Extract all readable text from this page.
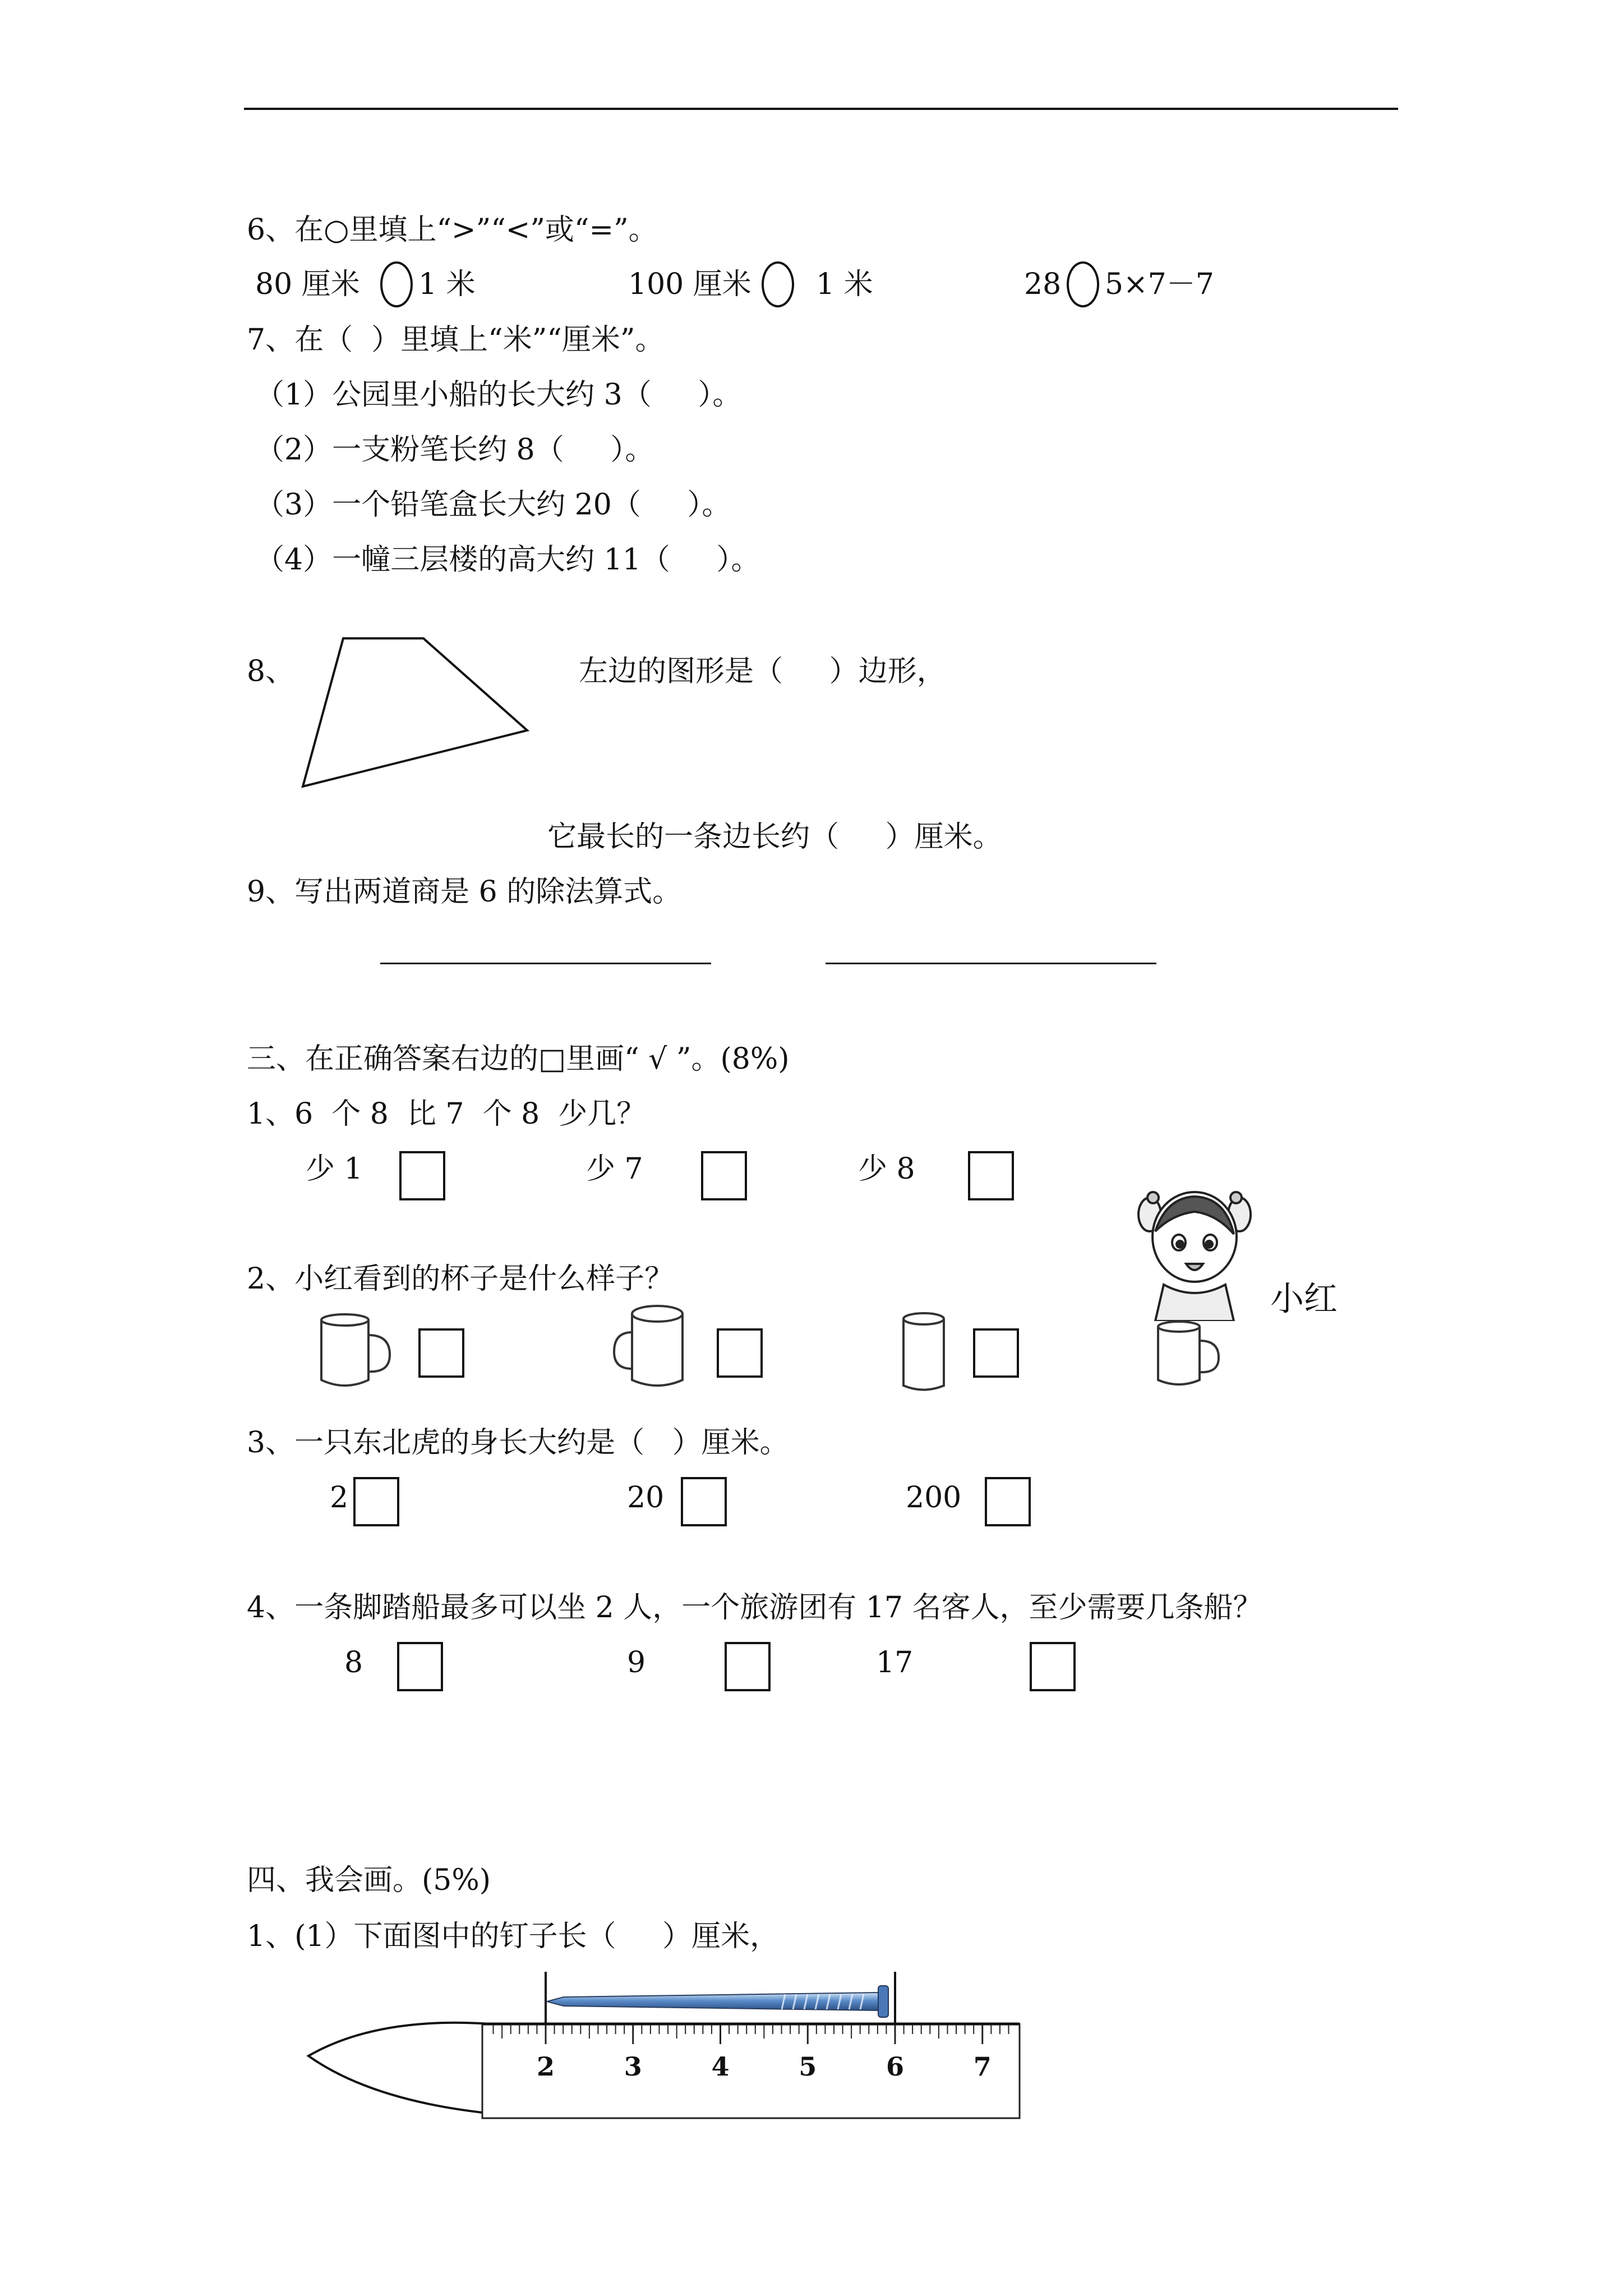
6、在○里填上“>”“<”或“=”。
80 厘米 1 米	100 厘米 1 米	28 5×7－7
7、在（  ）里填上“米”“厘米”。
（1）公园里小船的长大约 3（     ）。
（2）一支粉笔长约 8（     ）。
（3）一个铅笔盒长大约 20（     ）。
（4）一幢三层楼的高大约 11（     ）。
8、	左边的图形是（     ）边形，
它最长的一条边长约（     ）厘米。
9、写出两道商是 6 的除法算式。
三、在正确答案右边的□里画“ √ ”。(8%)
1、6  个 8  比 7  个 8  少几？
少 1	少 7	少 8
2、小红看到的杯子是什么样子？
小红
3、一只东北虎的身长大约是（   ）厘米。
2	20	200
4、一条脚踏船最多可以坐 2 人，一个旅游团有 17 名客人，至少需要几条船？
8	9	17
四、我会画。(5%)
1、(1）下面图中的钉子长（     ）厘米，
2	3	4	5	6	7
